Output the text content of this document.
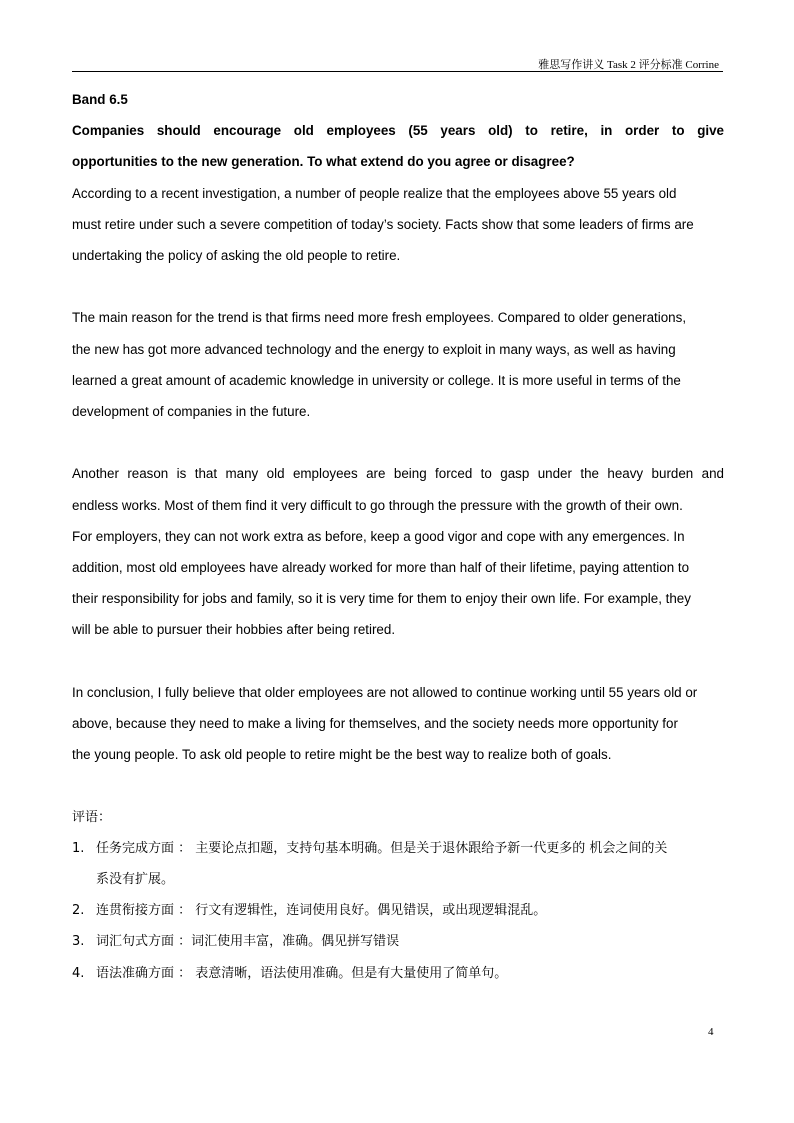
雅思写作讲义 Task 2 评分标准 Corrine
Band 6.5
Companies should encourage old employees (55 years old) to retire, in order to give
opportunities to the new generation. To what extend do you agree or disagree?
According to a recent investigation, a number of people realize that the employees above 55 years old
must retire under such a severe competition of today’s society. Facts show that some leaders of firms are
undertaking the policy of asking the old people to retire.
The main reason for the trend is that firms need more fresh employees. Compared to older generations,
the new has got more advanced technology and the energy to exploit in many ways, as well as having
learned a great amount of academic knowledge in university or college. It is more useful in terms of the
development of companies in the future.
Another reason is that many old employees are being forced to gasp under the heavy burden and
endless works. Most of them find it very difficult to go through the pressure with the growth of their own.
For employers, they can not work extra as before, keep a good vigor and cope with any emergences. In
addition, most old employees have already worked for more than half of their lifetime, paying attention to
their responsibility for jobs and family, so it is very time for them to enjoy their own life. For example, they
will be able to pursuer their hobbies after being retired.
In conclusion, I fully believe that older employees are not allowed to continue working until 55 years old or
above, because they need to make a living for themselves, and the society needs more opportunity for
the young people. To ask old people to retire might be the best way to realize both of goals.
评语：
1. 任务完成方面 ： 主要论点扣题，支持句基本明确。但是关于退休跟给予新一代更多的 机会之间的关
系没有扩展。
2. 连贯衔接方面 ： 行文有逻辑性，连词使用良好。偶见错误，或出现逻辑混乱。
3. 词汇句式方面 ：词汇使用丰富，准确。偶见拼写错误
4. 语法准确方面 ： 表意清晰，语法使用准确。但是有大量使用了简单句。
4
